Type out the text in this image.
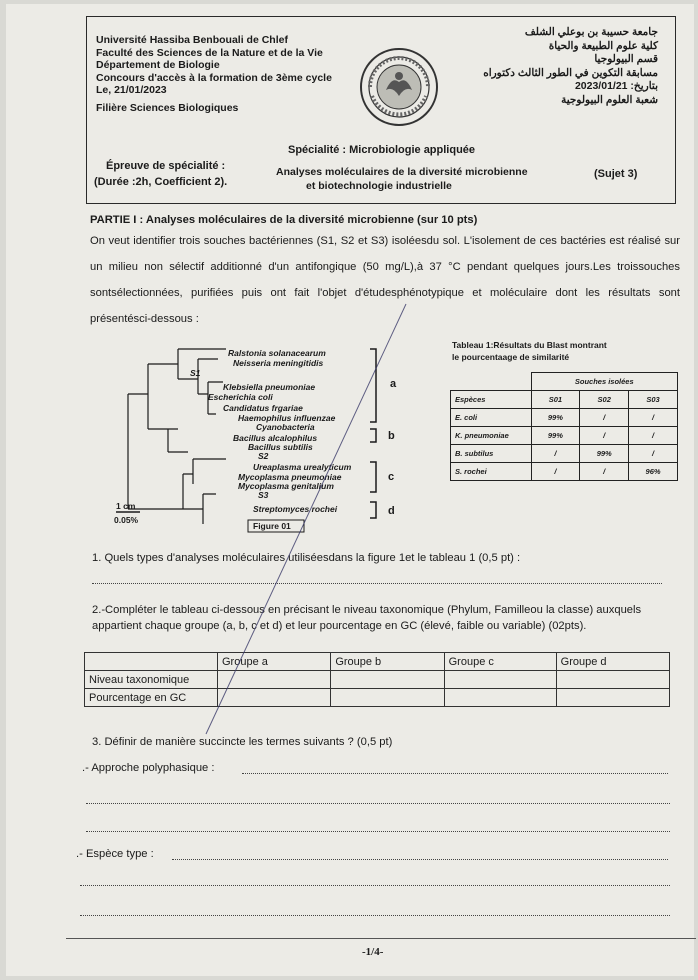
Université Hassiba Benbouali de Chlef
Faculté des Sciences de la Nature et de la Vie
Département de Biologie
Concours d'accès à la formation de 3ème cycle
Le, 21/01/2023
Filière Sciences Biologiques
جامعة حسيبة بن بوعلي الشلف
كلية علوم الطبيعة والحياة
قسم البيولوجيا
مسابقة التكوين في الطور الثالث دكتوراه
بتاريخ: 2023/01/21
شعبة العلوم البيولوجية
Spécialité : Microbiologie appliquée
Épreuve de spécialité :
(Durée :2h, Coefficient 2).
Analyses moléculaires de la diversité microbienne
et biotechnologie industrielle
(Sujet 3)
PARTIE I : Analyses moléculaires de la diversité microbienne (sur 10 pts)
On veut identifier trois souches bactériennes (S1, S2 et S3) isoléesdu sol. L'isolement de ces bactéries est réalisé sur un milieu non sélectif additionné d'un antifongique (50 mg/L),à 37 °C pendant quelques jours.Les troissouches sontsélectionnées, purifiées puis ont fait l'objet d'étudesphénotypique et moléculaire dont les résultats sont présentésci-dessous :
Ralstonia solanacearum
Neisseria meningitidis
S1
Klebsiella pneumoniae
Escherichia coli
Candidatus frgariae
Haemophilus influenzae
Cyanobacteria
Bacillus alcalophilus
Bacillus subtilis
S2
Ureaplasma urealyticum
Mycoplasma pneumoniae
Mycoplasma genitalium
S3
Streptomyces rochei
a
b
c
d
1 cm
0.05%
Figure 01
Tableau 1:Résultats du Blast montrant
le pourcentaage de similarité
	Souches isolées		
Espèces	S01	S02	S03
E. coli	99%	/	/
K. pneumoniae	99%	/	/
B. subtilus	/	99%	/
S. rochei	/	/	96%
1. Quels types d'analyses moléculaires utiliséesdans la figure 1et le tableau 1 (0,5 pt) :
2.-Compléter le tableau ci-dessous en précisant le niveau taxonomique (Phylum, Familleou la classe) auxquels appartient chaque groupe (a, b, c et d) et leur pourcentage en GC (élevé, faible ou variable) (02pts).
	Groupe a	Groupe b	Groupe c	Groupe d
Niveau taxonomique				
Pourcentage en GC				
3. Définir de manière succincte les termes suivants ? (0,5 pt)
.- Approche polyphasique :
.- Espèce type :
-1/4-
